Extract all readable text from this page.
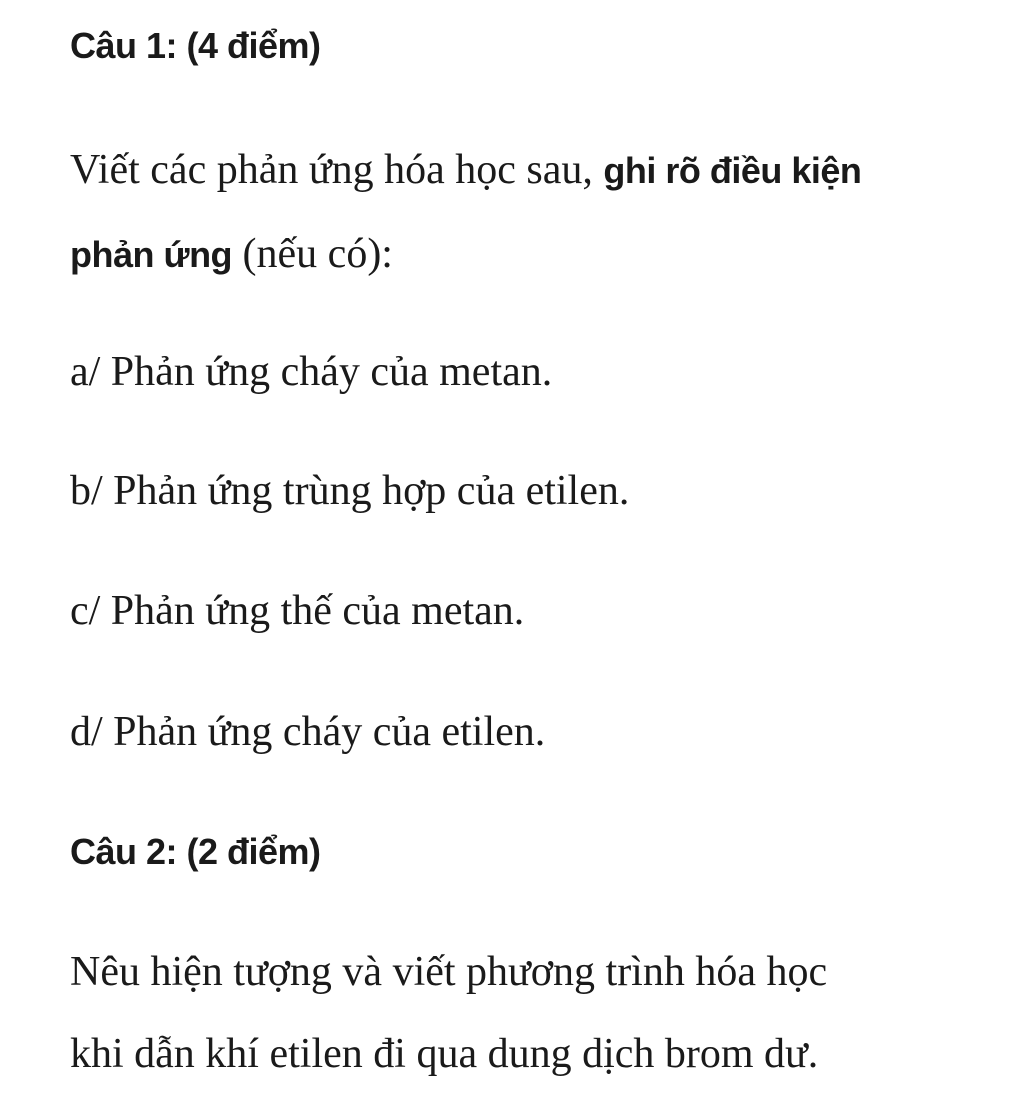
Câu 1: (4 điểm)
Viết các phản ứng hóa học sau, ghi rõ điều kiện
phản ứng (nếu có):
a/ Phản ứng cháy của metan.
b/ Phản ứng trùng hợp của etilen.
c/ Phản ứng thế của metan.
d/ Phản ứng cháy của etilen.
Câu 2: (2 điểm)
Nêu hiện tượng và viết phương trình hóa học
khi dẫn khí etilen đi qua dung dịch brom dư.
